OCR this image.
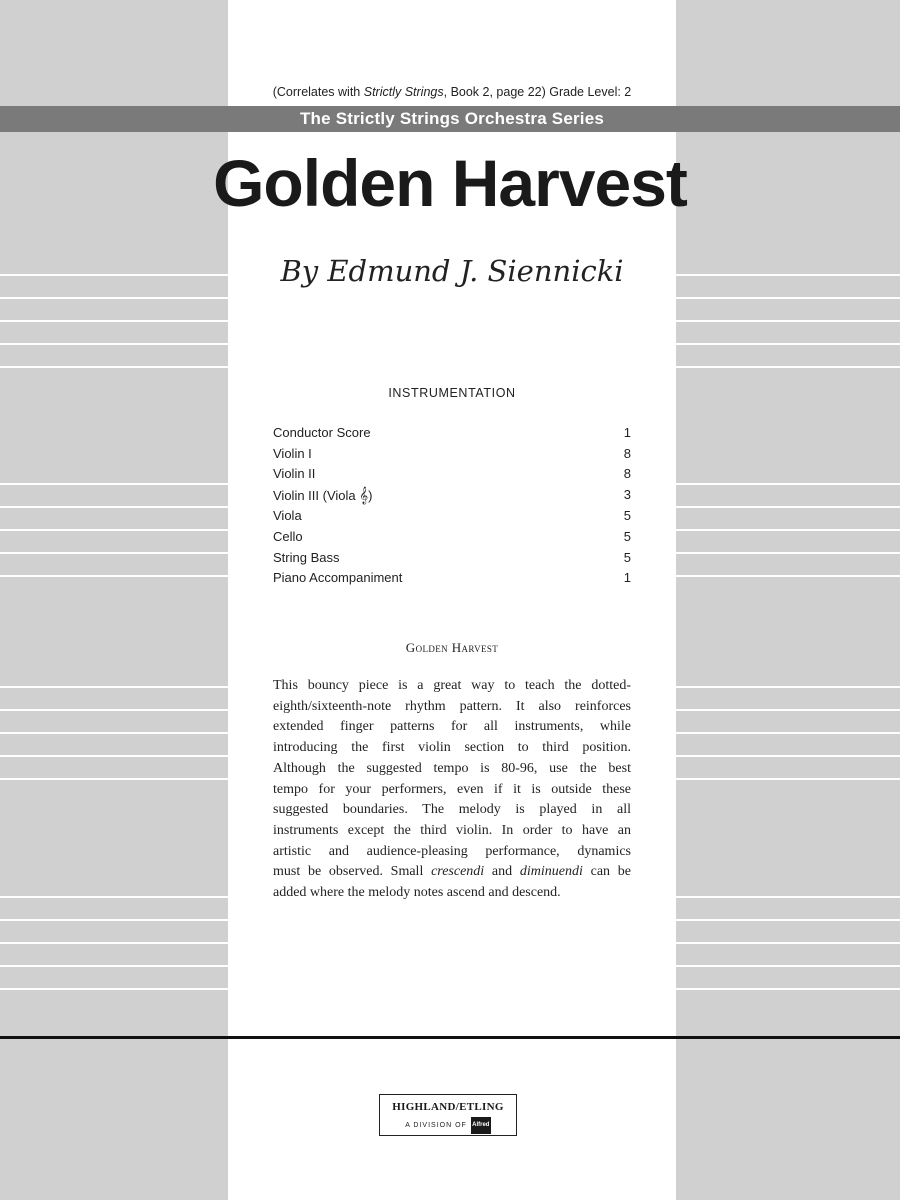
(Correlates with Strictly Strings, Book 2, page 22) Grade Level: 2
The Strictly Strings Orchestra Series
Golden Harvest
By Edmund J. Siennicki
INSTRUMENTATION
Conductor Score	1
Violin I	8
Violin II	8
Violin III (Viola 𝄞)	3
Viola	5
Cello	5
String Bass	5
Piano Accompaniment	1
Golden Harvest

This bouncy piece is a great way to teach the dotted-
eighth/sixteenth-note rhythm pattern. It also reinforces
extended finger patterns for all instruments, while
introducing the first violin section to third position.
Although the suggested tempo is 80-96, use the best
tempo for your performers, even if it is outside these
suggested boundaries. The melody is played in all
instruments except the third violin. In order to have an
artistic and audience-pleasing performance, dynamics
must be observed. Small crescendi and diminuendi can be
added where the melody notes ascend and descend.

HIGHLAND/ETLING
A DIVISION OF Alfred
